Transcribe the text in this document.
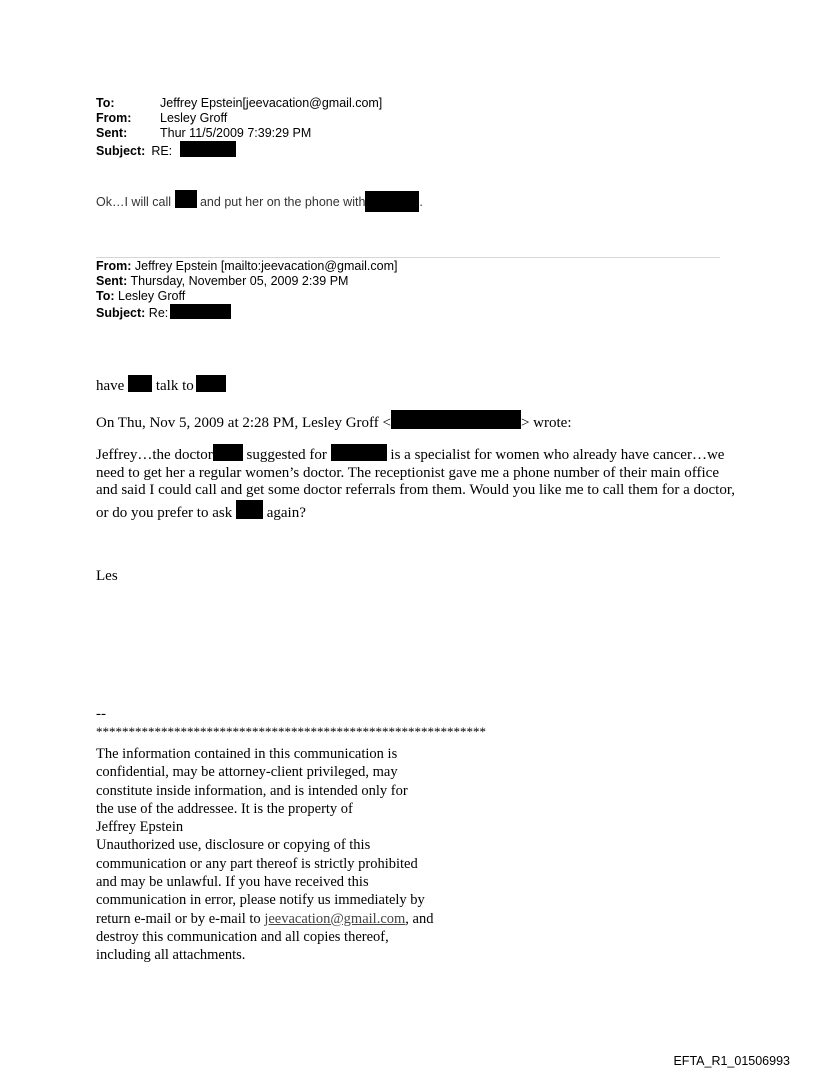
To:	Jeffrey Epstein[jeevacation@gmail.com]
From: Lesley Groff
Sent:	Thur 11/5/2009 7:39:29 PM
Subject: RE:
Ok…I will call and put her on the phone with	.
From: Jeffrey Epstein [mailto:jeevacation@gmail.com]
Sent: Thursday, November 05, 2009 2:39 PM
To: Lesley Groff
Subject: Re:
have talk to
On Thu, Nov 5, 2009 at 2:28 PM, Lesley Groff <	> wrote:
Jeffrey…the doctor suggested for	is a specialist for women who already have cancer…we need to get her a regular women’s doctor. The receptionist gave me a phone number of their main office and said I could call and get some doctor referrals from them. Would you like me to call them for a doctor, or do you prefer to ask again?
Les
--
************************************************************
The information contained in this communication is
confidential, may be attorney-client privileged, may
constitute inside information, and is intended only for
the use of the addressee. It is the property of
Jeffrey Epstein
Unauthorized use, disclosure or copying of this
communication or any part thereof is strictly prohibited
and may be unlawful. If you have received this
communication in error, please notify us immediately by
return e-mail or by e-mail to jeevacation@gmail.com, and
destroy this communication and all copies thereof,
including all attachments.
EFTA_R1_01506993
